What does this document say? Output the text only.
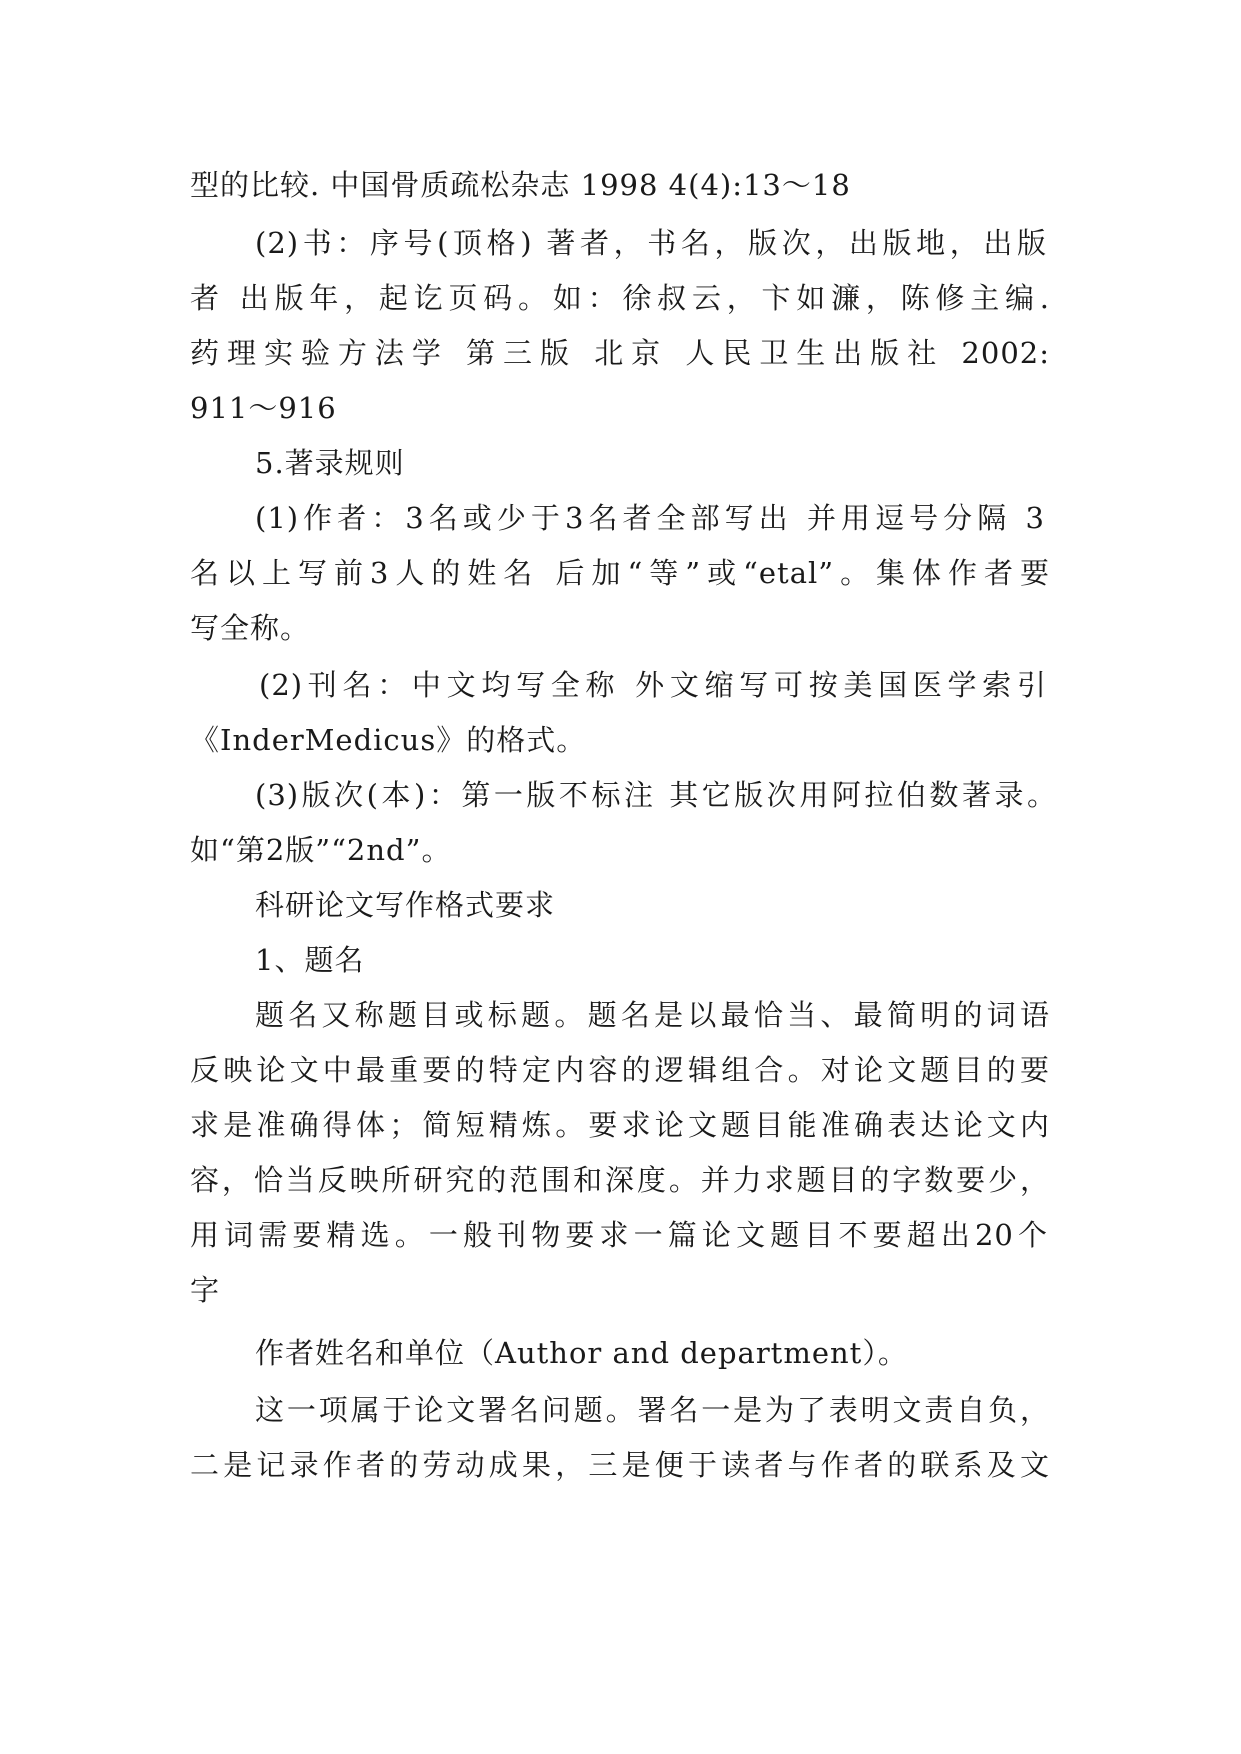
型的比较. 中国骨质疏松杂志 1998 4(4):13～18
(2)书：序号(顶格) 著者，书名，版次，出版地，出版
者 出版年，起讫页码。如：徐叔云，卞如濂，陈修主编.
药理实验方法学 第三版 北京 人民卫生出版社 2002:
911～916
5.著录规则
(1)作者：3名或少于3名者全部写出 并用逗号分隔 3
名以上写前3人的姓名 后加“等”或“etal”。集体作者要
写全称。
(2)刊名：中文均写全称 外文缩写可按美国医学索引
《InderMedicus》的格式。
(3)版次(本)：第一版不标注 其它版次用阿拉伯数著录。
如“第2版”“2nd”。
科研论文写作格式要求
1、题名
题名又称题目或标题。题名是以最恰当、最简明的词语
反映论文中最重要的特定内容的逻辑组合。对论文题目的要
求是准确得体；简短精炼。要求论文题目能准确表达论文内
容，恰当反映所研究的范围和深度。并力求题目的字数要少，
用词需要精选。一般刊物要求一篇论文题目不要超出20个
字
作者姓名和单位（Author and department）。
这一项属于论文署名问题。署名一是为了表明文责自负，
二是记录作者的劳动成果，三是便于读者与作者的联系及文
